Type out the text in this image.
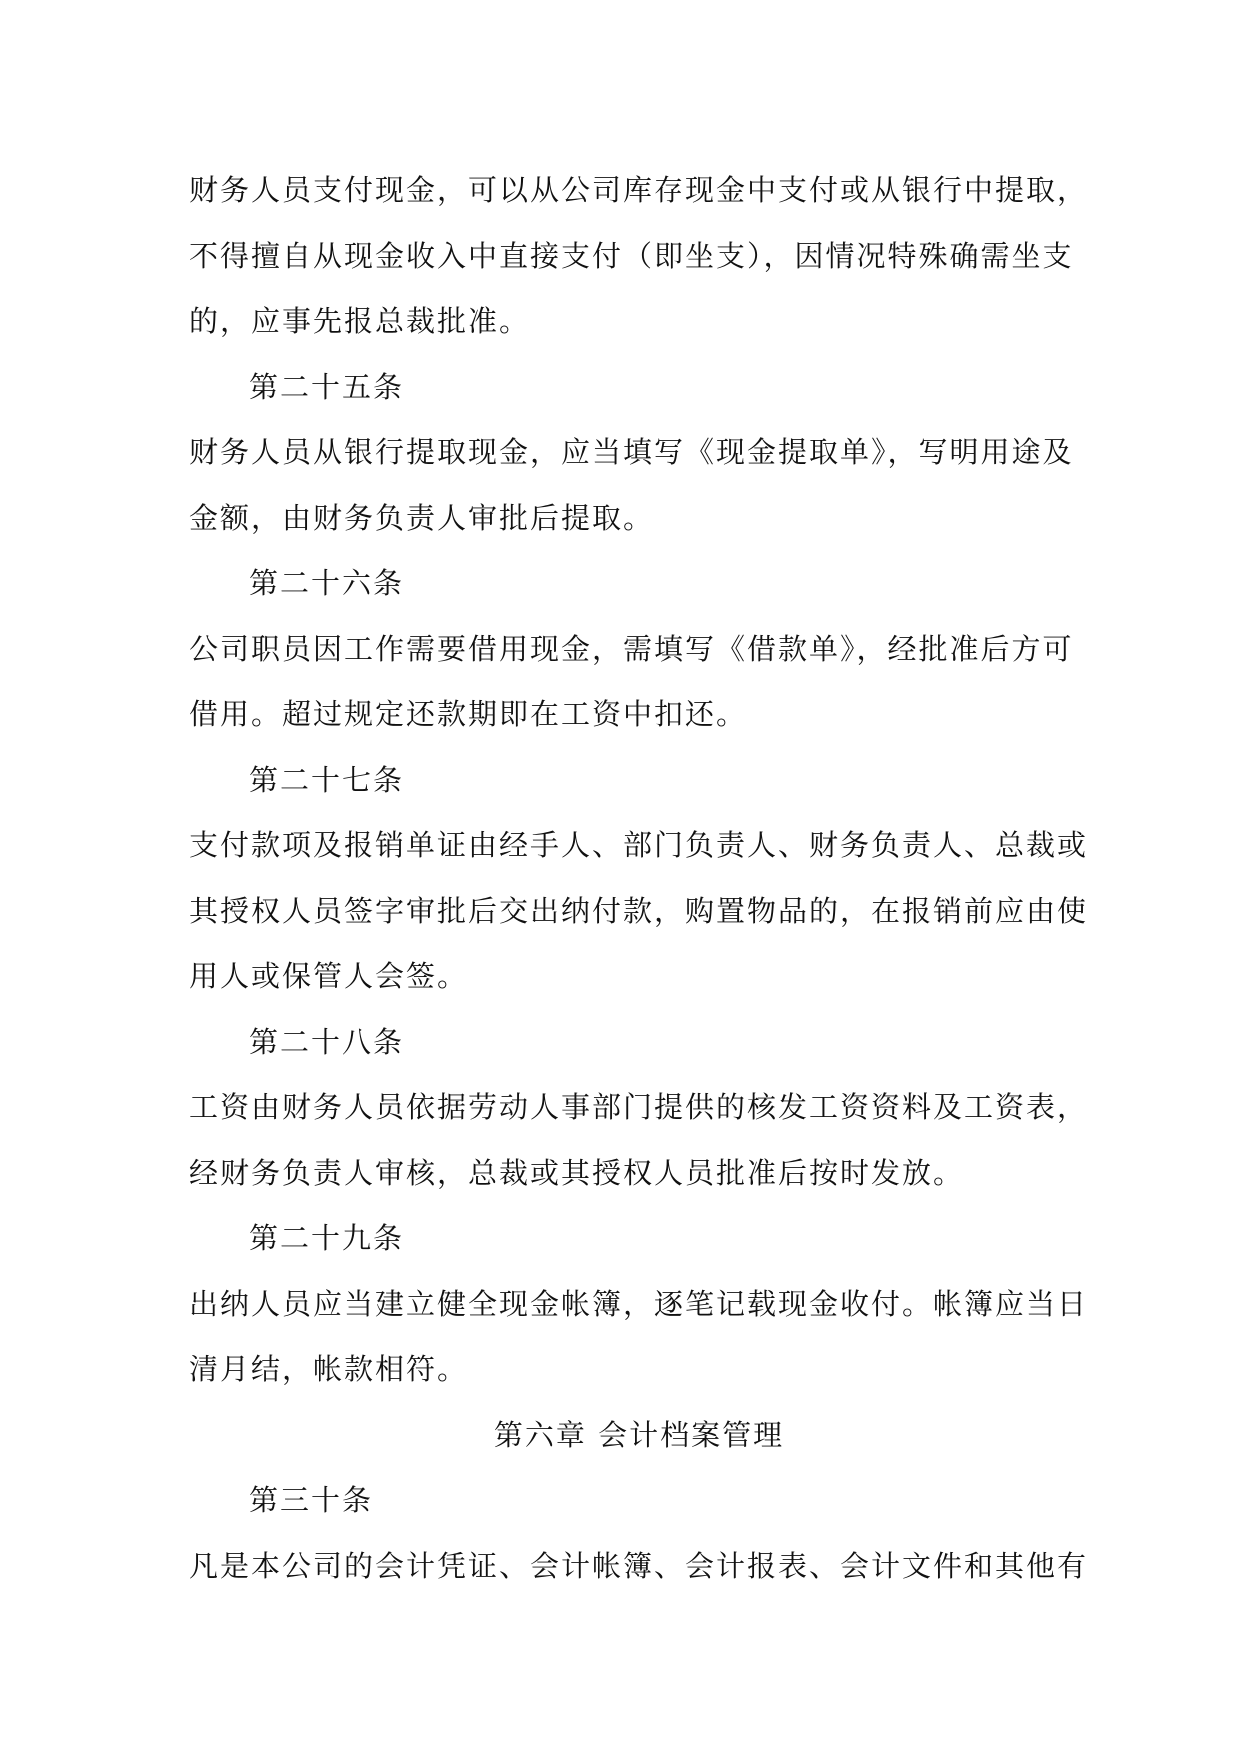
财务人员支付现金，可以从公司库存现金中支付或从银行中提取，
不得擅自从现金收入中直接支付（即坐支），因情况特殊确需坐支
的，应事先报总裁批准。
第二十五条
财务人员从银行提取现金，应当填写《现金提取单》，写明用途及
金额，由财务负责人审批后提取。
第二十六条
公司职员因工作需要借用现金，需填写《借款单》，经批准后方可
借用。超过规定还款期即在工资中扣还。
第二十七条
支付款项及报销单证由经手人、部门负责人、财务负责人、总裁或
其授权人员签字审批后交出纳付款，购置物品的，在报销前应由使
用人或保管人会签。
第二十八条
工资由财务人员依据劳动人事部门提供的核发工资资料及工资表，
经财务负责人审核，总裁或其授权人员批准后按时发放。
第二十九条
出纳人员应当建立健全现金帐簿，逐笔记载现金收付。帐簿应当日
清月结，帐款相符。
第六章 会计档案管理
第三十条
凡是本公司的会计凭证、会计帐簿、会计报表、会计文件和其他有
